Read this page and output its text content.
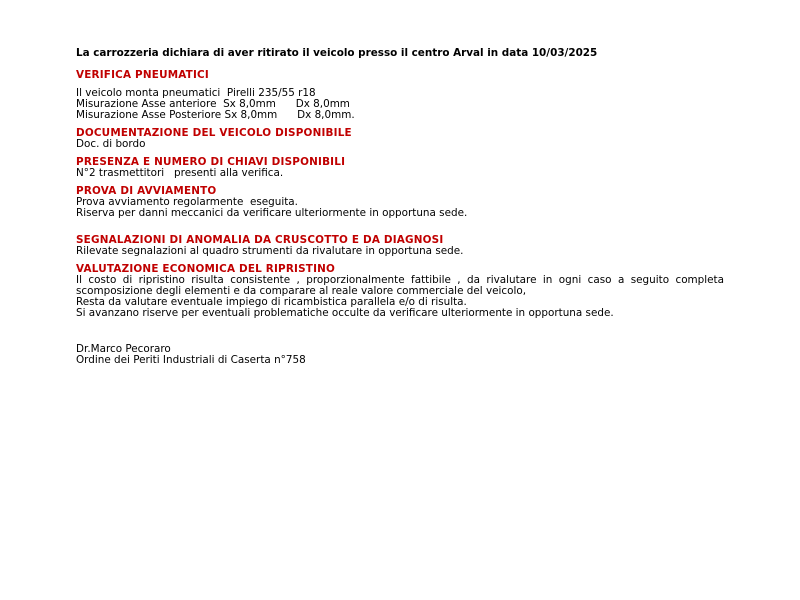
La carrozzeria dichiara di aver ritirato il veicolo presso il centro Arval in data 10/03/2025

VERIFICA PNEUMATICI

Il veicolo monta pneumatici  Pirelli 235/55 r18

Misurazione Asse anteriore  Sx 8,0mm      Dx 8,0mm

Misurazione Asse Posteriore Sx 8,0mm      Dx 8,0mm.

DOCUMENTAZIONE DEL VEICOLO DISPONIBILE

Doc. di bordo

PRESENZA E NUMERO DI CHIAVI DISPONIBILI

N°2 trasmettitori   presenti alla verifica.

PROVA DI AVVIAMENTO

Prova avviamento regolarmente  eseguita.

Riserva per danni meccanici da verificare ulteriormente in opportuna sede.

SEGNALAZIONI DI ANOMALIA DA CRUSCOTTO E DA DIAGNOSI

Rilevate segnalazioni al quadro strumenti da rivalutare in opportuna sede.

VALUTAZIONE ECONOMICA DEL RIPRISTINO

Il costo di ripristino risulta consistente , proporzionalmente fattibile , da rivalutare in ogni caso a seguito completa scomposizione degli elementi e da comparare al reale valore commerciale del veicolo,

Resta da valutare eventuale impiego di ricambistica parallela e/o di risulta.

Si avanzano riserve per eventuali problematiche occulte da verificare ulteriormente in opportuna sede.

Dr.Marco Pecoraro

Ordine dei Periti Industriali di Caserta n°758
